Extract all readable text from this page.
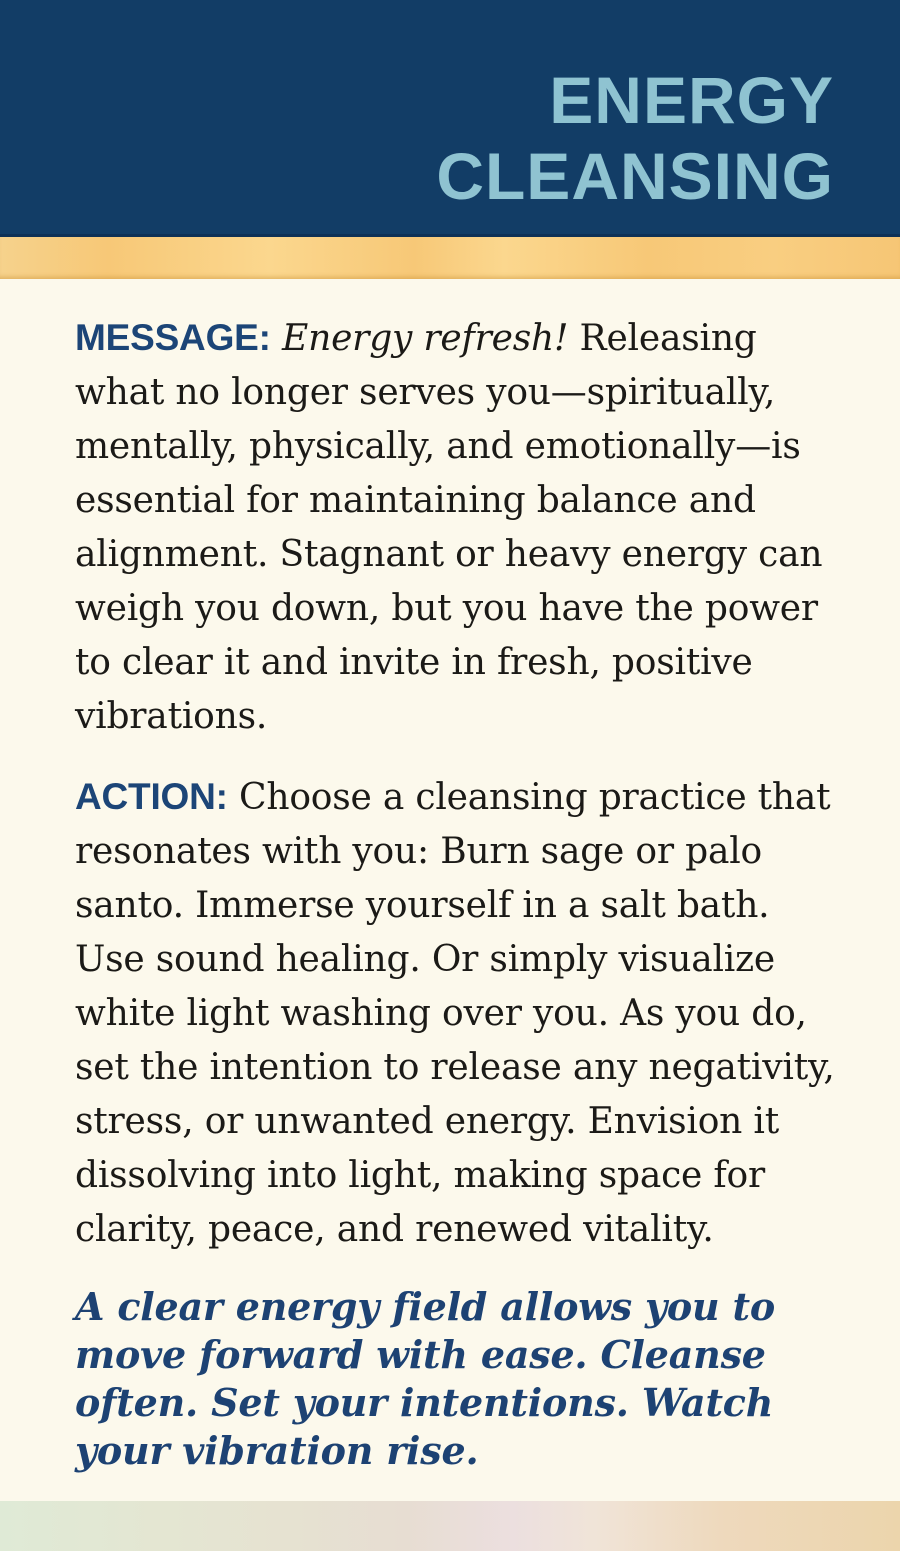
ENERGY
CLEANSING

MESSAGE: Energy refresh! Releasing what no longer serves you—spiritually, mentally, physically, and emotionally—is essential for maintaining balance and alignment. Stagnant or heavy energy can weigh you down, but you have the power to clear it and invite in fresh, positive vibrations.

ACTION: Choose a cleansing practice that resonates with you: Burn sage or palo santo. Immerse yourself in a salt bath. Use sound healing. Or simply visualize white light washing over you. As you do, set the intention to release any negativity, stress, or unwanted energy. Envision it dissolving into light, making space for clarity, peace, and renewed vitality.

A clear energy field allows you to move forward with ease. Cleanse often. Set your intentions. Watch your vibration rise.
